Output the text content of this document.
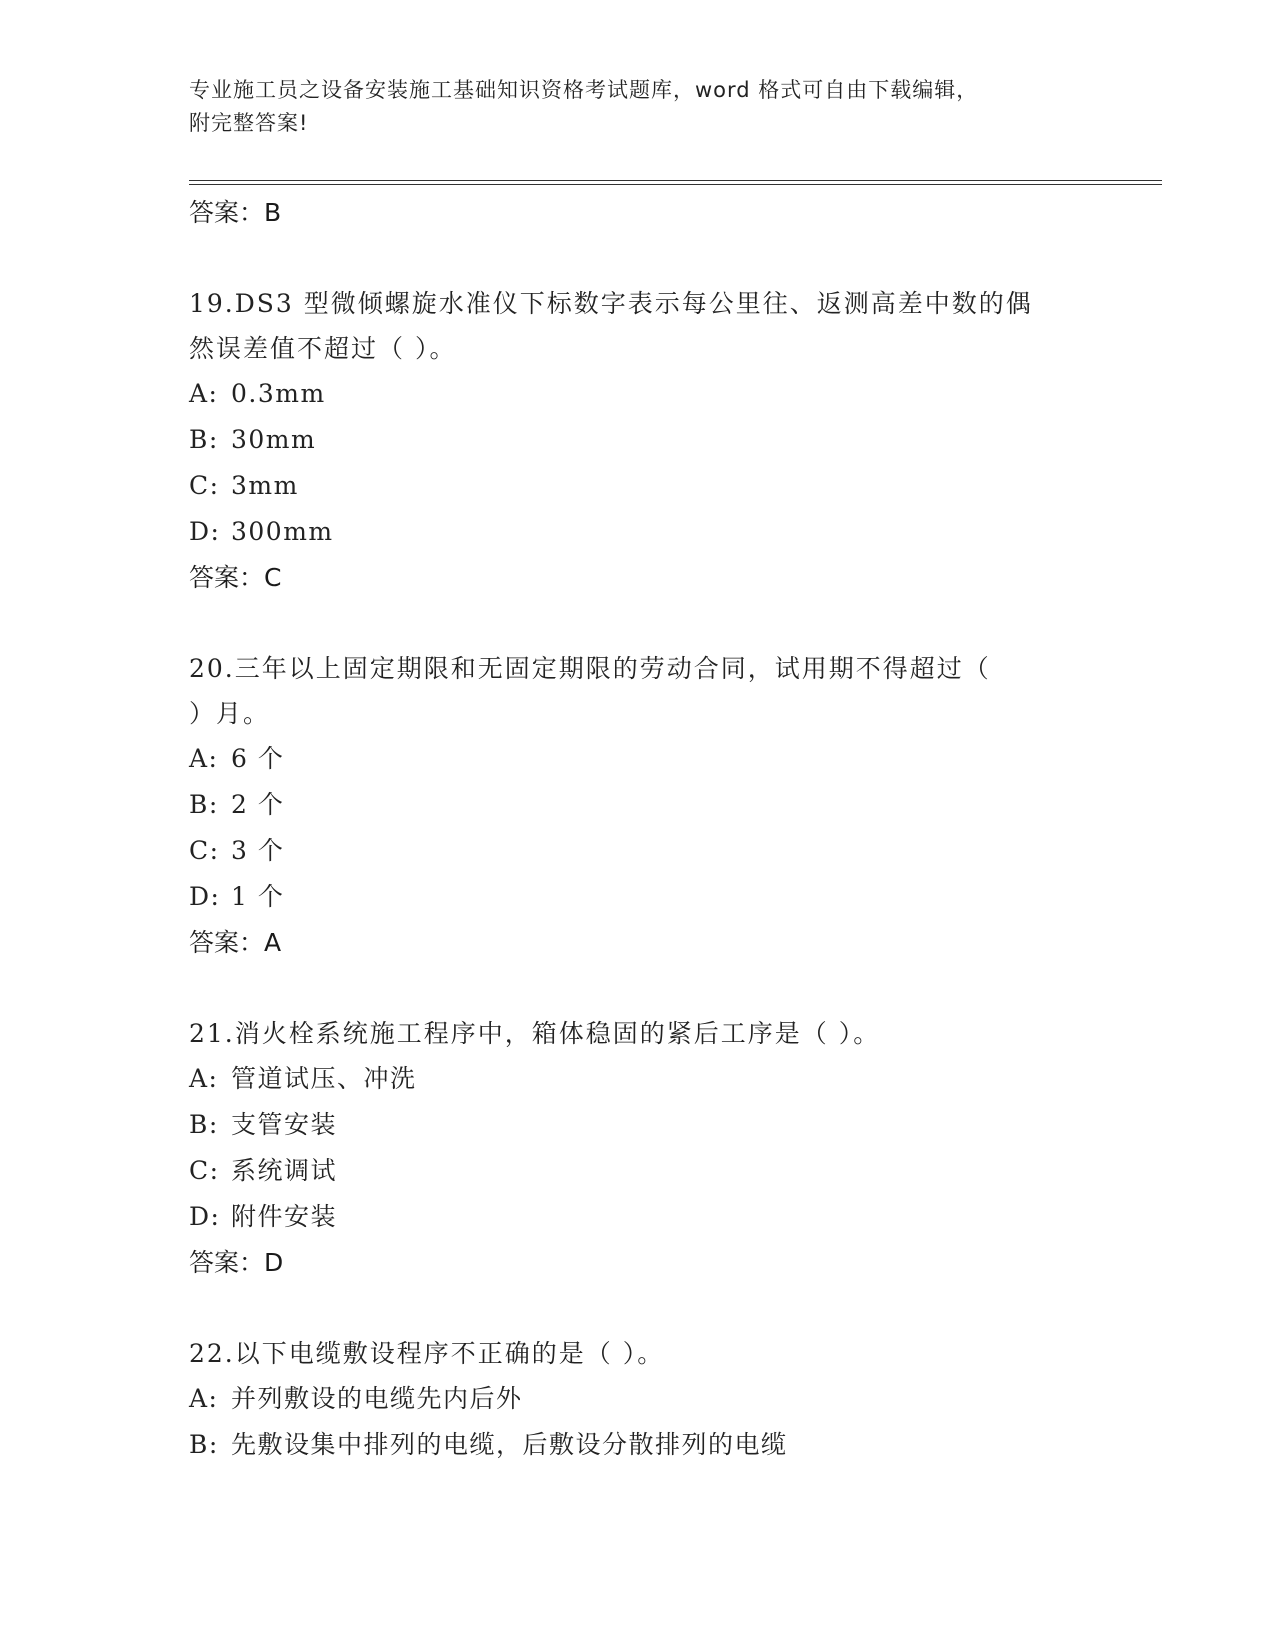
专业施工员之设备安装施工基础知识资格考试题库，word 格式可自由下载编辑，
附完整答案!
答案：B
19.DS3 型微倾螺旋水准仪下标数字表示每公里往、返测高差中数的偶
然误差值不超过（ ）。
A: 0.3mm
B: 30mm
C: 3mm
D: 300mm
答案：C
20.三年以上固定期限和无固定期限的劳动合同，试用期不得超过（
）月。
A: 6 个
B: 2 个
C: 3 个
D: 1 个
答案：A
21.消火栓系统施工程序中，箱体稳固的紧后工序是（ ）。
A: 管道试压、冲洗
B: 支管安装
C: 系统调试
D: 附件安装
答案：D
22.以下电缆敷设程序不正确的是（ ）。
A: 并列敷设的电缆先内后外
B: 先敷设集中排列的电缆，后敷设分散排列的电缆
